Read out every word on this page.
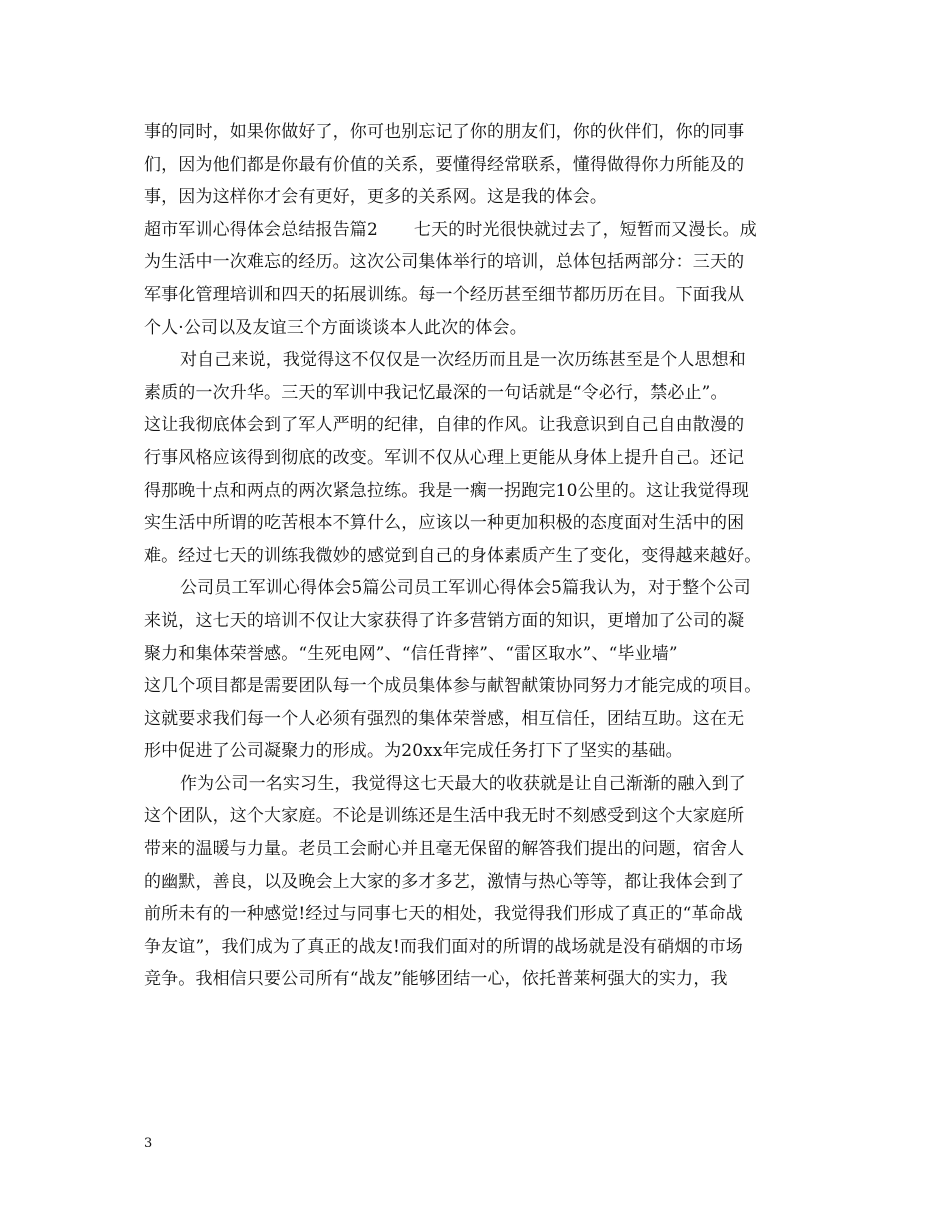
事的同时，如果你做好了，你可也别忘记了你的朋友们，你的伙伴们，你的同事
们，因为他们都是你最有价值的关系，要懂得经常联系，懂得做得你力所能及的
事，因为这样你才会有更好，更多的关系网。这是我的体会。
超市军训心得体会总结报告篇2 七天的时光很快就过去了，短暂而又漫长。成
为生活中一次难忘的经历。这次公司集体举行的培训，总体包括两部分：三天的
军事化管理培训和四天的拓展训练。每一个经历甚至细节都历历在目。下面我从
个人·公司以及友谊三个方面谈谈本人此次的体会。
对自己来说，我觉得这不仅仅是一次经历而且是一次历练甚至是个人思想和
素质的一次升华。三天的军训中我记忆最深的一句话就是“令必行，禁必止”。
这让我彻底体会到了军人严明的纪律，自律的作风。让我意识到自己自由散漫的
行事风格应该得到彻底的改变。军训不仅从心理上更能从身体上提升自己。还记
得那晚十点和两点的两次紧急拉练。我是一瘸一拐跑完10公里的。这让我觉得现
实生活中所谓的吃苦根本不算什么，应该以一种更加积极的态度面对生活中的困
难。经过七天的训练我微妙的感觉到自己的身体素质产生了变化，变得越来越好。
公司员工军训心得体会5篇公司员工军训心得体会5篇我认为，对于整个公司
来说，这七天的培训不仅让大家获得了许多营销方面的知识，更增加了公司的凝
聚力和集体荣誉感。“生死电网”、“信任背摔”、“雷区取水”、“毕业墙”
这几个项目都是需要团队每一个成员集体参与献智献策协同努力才能完成的项目。
这就要求我们每一个人必须有强烈的集体荣誉感，相互信任，团结互助。这在无
形中促进了公司凝聚力的形成。为20xx年完成任务打下了坚实的基础。
作为公司一名实习生，我觉得这七天最大的收获就是让自己渐渐的融入到了
这个团队，这个大家庭。不论是训练还是生活中我无时不刻感受到这个大家庭所
带来的温暖与力量。老员工会耐心并且毫无保留的解答我们提出的问题，宿舍人
的幽默，善良，以及晚会上大家的多才多艺，激情与热心等等，都让我体会到了
前所未有的一种感觉!经过与同事七天的相处，我觉得我们形成了真正的“革命战
争友谊”，我们成为了真正的战友!而我们面对的所谓的战场就是没有硝烟的市场
竞争。我相信只要公司所有“战友”能够团结一心，依托普莱柯强大的实力，我
3
